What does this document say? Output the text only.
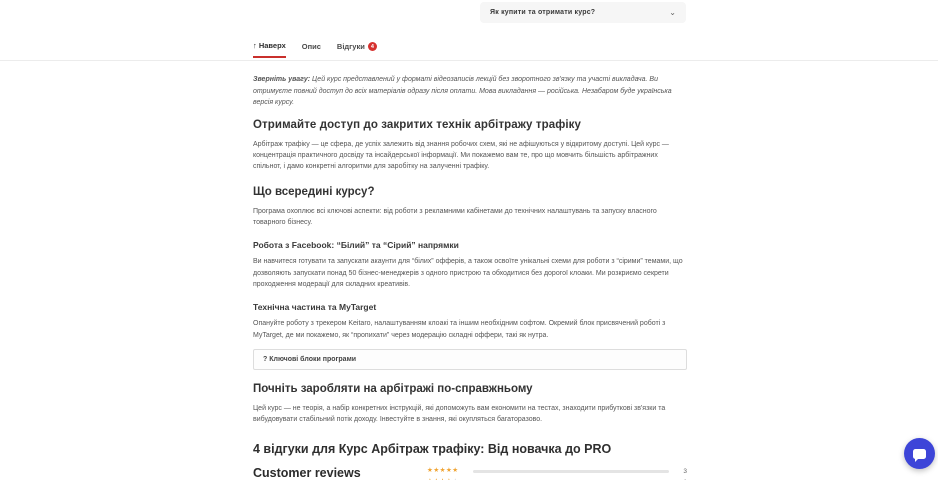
Як купити та отримати курс?	⌄
↑ Наверх Опис Відгуки	4

Зверніть увагу: Цей курс представлений у форматі відеозаписів лекцій без зворотного зв'язку та участі викладача. Ви отримуєте повний доступ до всіх матеріалів одразу після оплати. Мова викладання — російська. Незабаром буде українська версія курсу.

Отримайте доступ до закритих технік арбітражу трафіку

Арбітраж трафіку — це сфера, де успіх залежить від знання робочих схем, які не афішуються у відкритому доступі. Цей курс — концентрація практичного досвіду та інсайдерської інформації. Ми покажемо вам те, про що мовчить більшість арбітражних спільнот, і дамо конкретні алгоритми для заробітку на залученні трафіку.

Що всередині курсу?

Програма охоплює всі ключові аспекти: від роботи з рекламними кабінетами до технічних налаштувань та запуску власного товарного бізнесу.

Робота з Facebook: “Білий” та “Сірий” напрямки

Ви навчитеся готувати та запускати акаунти для “білих” офферів, а також освоїте унікальні схеми для роботи з “сірими” темами, що дозволяють запускати понад 50 бізнес-менеджерів з одного пристрою та обходитися без дорогої клоаки. Ми розкриємо секрети проходження модерації для складних креативів.

Технічна частина та MyTarget

Опануйте роботу з трекером Keitaro, налаштуванням клоакі та іншим необхідним софтом. Окремий блок присвячений роботі з MyTarget, де ми покажемо, як “пропихати” через модерацію складні оффери, такі як нутра.

? Ключові блоки програми
Почніть заробляти на арбітражі по-справжньому

Цей курс — не теорія, а набір конкретних інструкцій, які допоможуть вам економити на тестах, знаходити прибуткові зв'язки та вибудовувати стабільний потік доходу. Інвестуйте в знання, які окупляться багаторазово.

4 відгуки для Курс Арбітраж трафіку: Від новачка до PRO
Customer reviews	★★★★★	3
